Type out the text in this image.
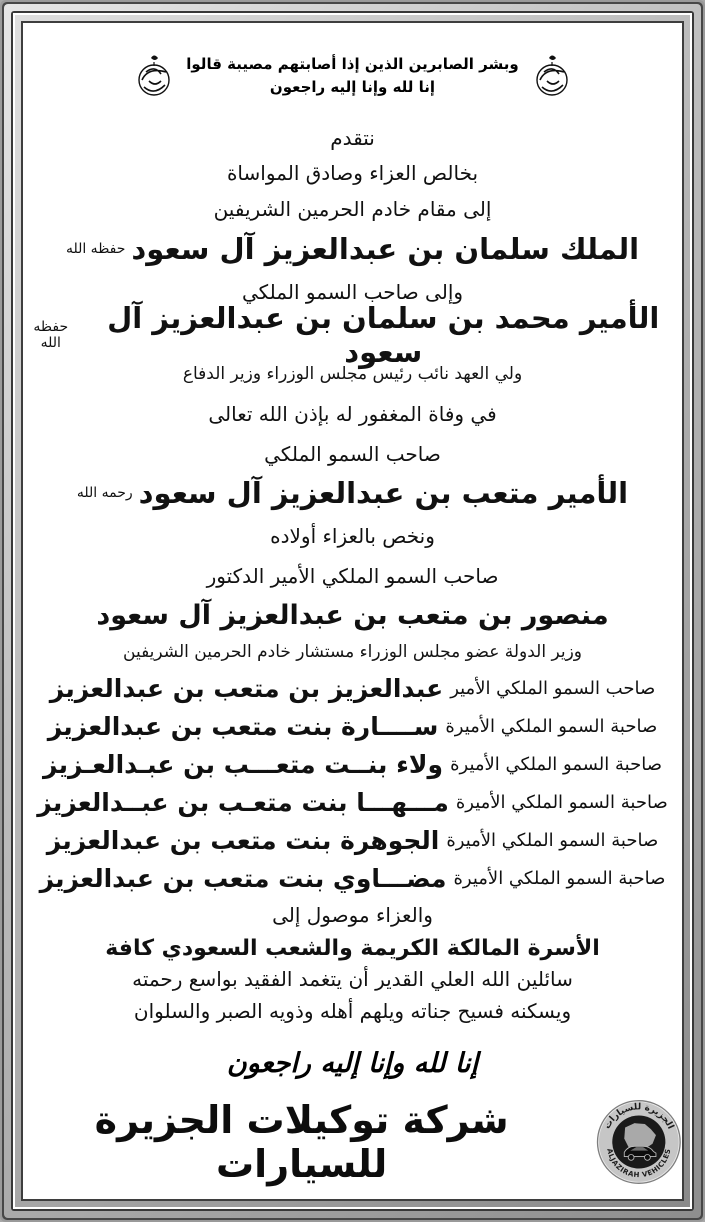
وبشر الصابرين الذين إذا أصابتهم مصيبة قالوا إنا لله وإنا إليه راجعون
نتقدم
بخالص العزاء وصادق المواساة
إلى مقام خادم الحرمين الشريفين
الملك سلمان بن عبدالعزيز آل سعود
حفظه الله
وإلى صاحب السمو الملكي
الأمير محمد بن سلمان بن عبدالعزيز آل سعود
حفظه الله
ولي العهد نائب رئيس مجلس الوزراء وزير الدفاع
في وفاة المغفور له بإذن الله تعالى
صاحب السمو الملكي
الأمير متعب بن عبدالعزيز آل سعود
رحمه الله
ونخص بالعزاء أولاده
صاحب السمو الملكي الأمير الدكتور
منصور بن متعب بن عبدالعزيز آل سعود
وزير الدولة عضو مجلس الوزراء مستشار خادم الحرمين الشريفين
صاحب السمو الملكي الأمير
عبدالعزيز بن متعب بن عبدالعزيز
صاحبة السمو الملكي الأميرة
ســــارة بنت متعب بن عبدالعزيز
صاحبة السمو الملكي الأميرة
ولاء بنــت متعـــب بن عبـدالعـزيز
صاحبة السمو الملكي الأميرة
مـــهـــا بنت متعـب بن عبــدالعزيز
صاحبة السمو الملكي الأميرة
الجوهرة بنت متعب بن عبدالعزيز
صاحبة السمو الملكي الأميرة
مضـــاوي بنت متعب بن عبدالعزيز
والعزاء موصول إلى
الأسرة المالكة الكريمة والشعب السعودي كافة
سائلين الله العلي القدير أن يتغمد الفقيد بواسع رحمته
ويسكنه فسيح جناته ويلهم أهله وذويه الصبر والسلوان
إنا لله وإنا إليه راجعون
الجزيرة للسيارات
ALJAZIRAH VEHICLES
شركة توكيلات الجزيرة للسيارات
